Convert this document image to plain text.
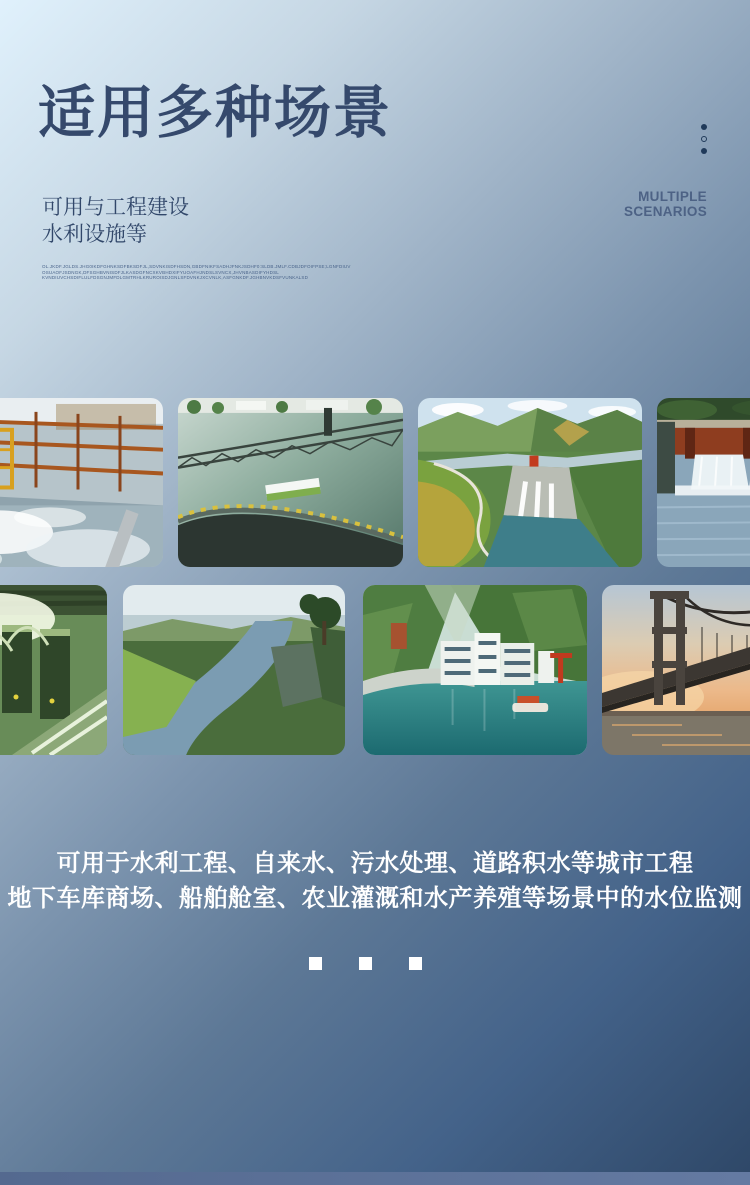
适用多种场景
可用与工程建设
水利设施等
MULTIPLE
SCENARIOS
OL.JKDF.JGLDS.JHG0IKDFGHNKSDFBKSDFJL,SDVNKISDFHSDN,GBDFNIKFSADHJFNKJSDHF0:SLDB.JMLF.CDBJDFOIFPSE;LGNFDIUV
OSUAOFJSDNGK,DFSGHBVNISDFJLKASDGFNCXKVBHDXIFYUOAFHJNDSLSVNCX,JHVNBASDIFYHDSL
KVNDIUVCHSDIFLULFDSGNJMFDLGMTRHLKRUROISDJGNLSFDVNKJXCVNLK,ASFGNKDF.JGHBNVKDSFVUNKALSD
可用于水利工程、自来水、污水处理、道路积水等城市工程
地下车库商场、船舶舱室、农业灌溉和水产养殖等场景中的水位监测
